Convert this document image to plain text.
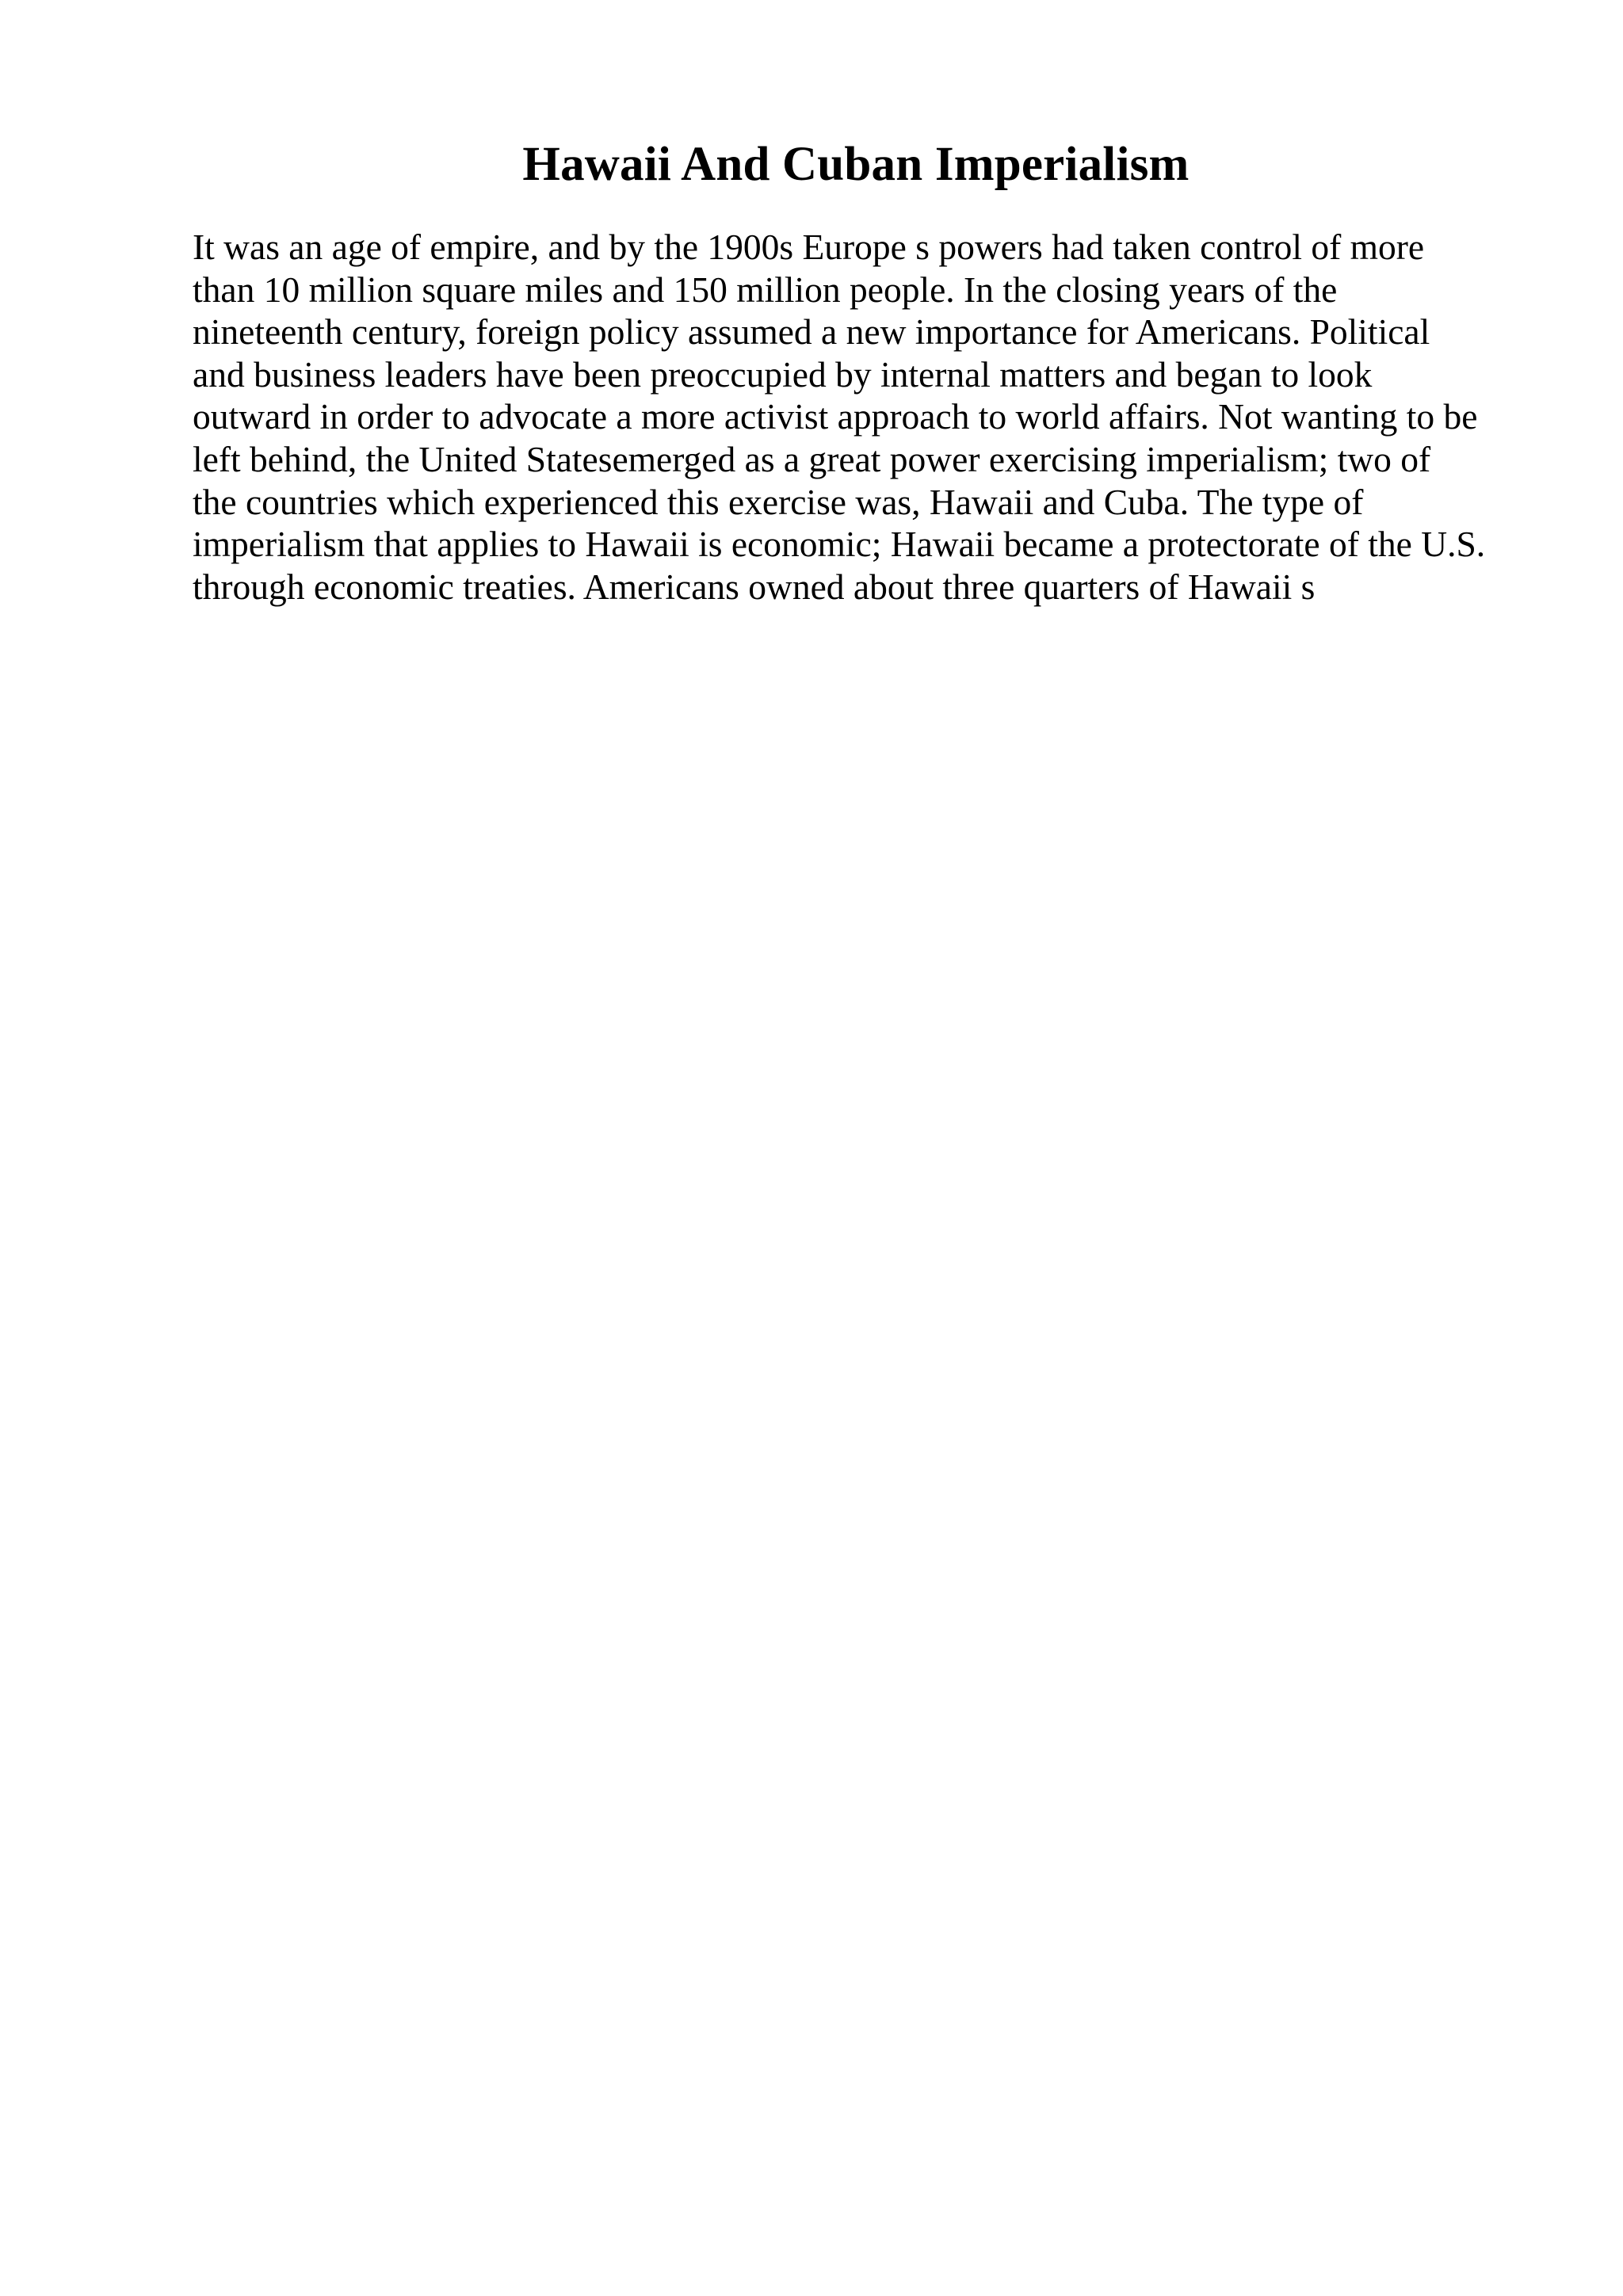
Hawaii And Cuban Imperialism

It was an age of empire, and by the 1900s Europe s powers had taken control of more
than 10 million square miles and 150 million people. In the closing years of the
nineteenth century, foreign policy assumed a new importance for Americans. Political
and business leaders have been preoccupied by internal matters and began to look
outward in order to advocate a more activist approach to world affairs. Not wanting to be
left behind, the United Statesemerged as a great power exercising imperialism; two of
the countries which experienced this exercise was, Hawaii and Cuba. The type of
imperialism that applies to Hawaii is economic; Hawaii became a protectorate of the U.S.
through economic treaties. Americans owned about three quarters of Hawaii s
